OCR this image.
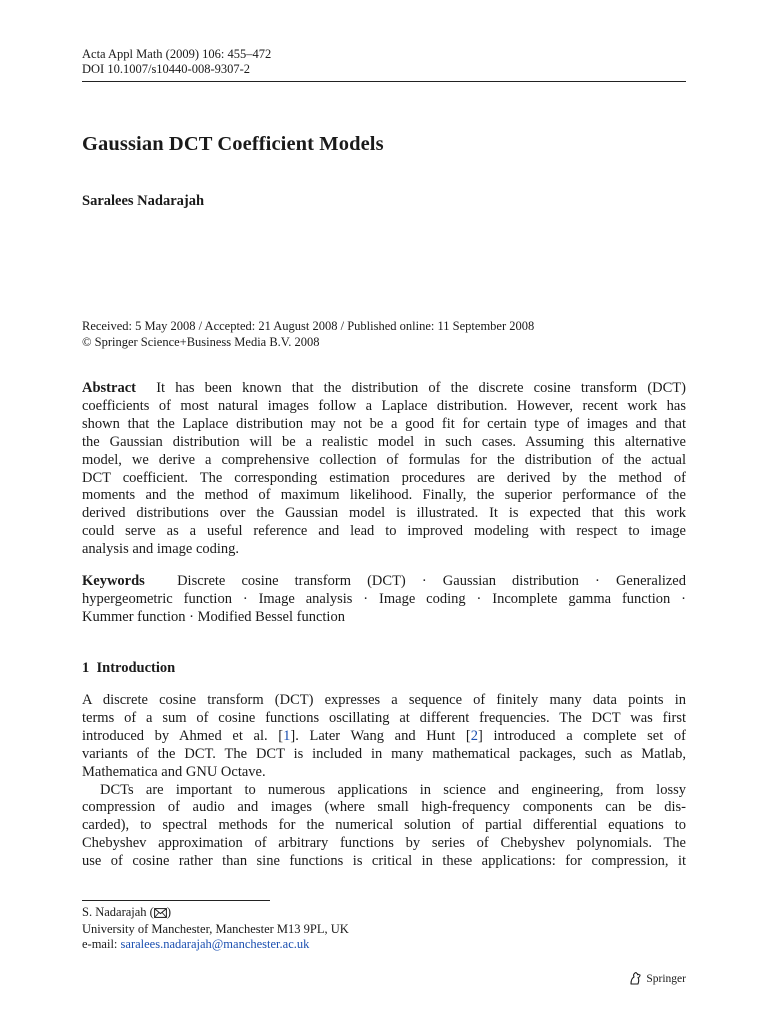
Acta Appl Math (2009) 106: 455–472
DOI 10.1007/s10440-008-9307-2
Gaussian DCT Coefficient Models
Saralees Nadarajah
Received: 5 May 2008 / Accepted: 21 August 2008 / Published online: 11 September 2008
© Springer Science+Business Media B.V. 2008
Abstract It has been known that the distribution of the discrete cosine transform (DCT)
coefficients of most natural images follow a Laplace distribution. However, recent work has
shown that the Laplace distribution may not be a good fit for certain type of images and that
the Gaussian distribution will be a realistic model in such cases. Assuming this alternative
model, we derive a comprehensive collection of formulas for the distribution of the actual
DCT coefficient. The corresponding estimation procedures are derived by the method of
moments and the method of maximum likelihood. Finally, the superior performance of the
derived distributions over the Gaussian model is illustrated. It is expected that this work
could serve as a useful reference and lead to improved modeling with respect to image
analysis and image coding.
Keywords Discrete cosine transform (DCT) · Gaussian distribution · Generalized
hypergeometric function · Image analysis · Image coding · Incomplete gamma function ·
Kummer function · Modified Bessel function
1 Introduction
A discrete cosine transform (DCT) expresses a sequence of finitely many data points in
terms of a sum of cosine functions oscillating at different frequencies. The DCT was first
introduced by Ahmed et al. [1]. Later Wang and Hunt [2] introduced a complete set of
variants of the DCT. The DCT is included in many mathematical packages, such as Matlab,
Mathematica and GNU Octave.
DCTs are important to numerous applications in science and engineering, from lossy
compression of audio and images (where small high-frequency components can be dis-
carded), to spectral methods for the numerical solution of partial differential equations to
Chebyshev approximation of arbitrary functions by series of Chebyshev polynomials. The
use of cosine rather than sine functions is critical in these applications: for compression, it
S. Nadarajah ( )
University of Manchester, Manchester M13 9PL, UK
e-mail: saralees.nadarajah@manchester.ac.uk
Springer
